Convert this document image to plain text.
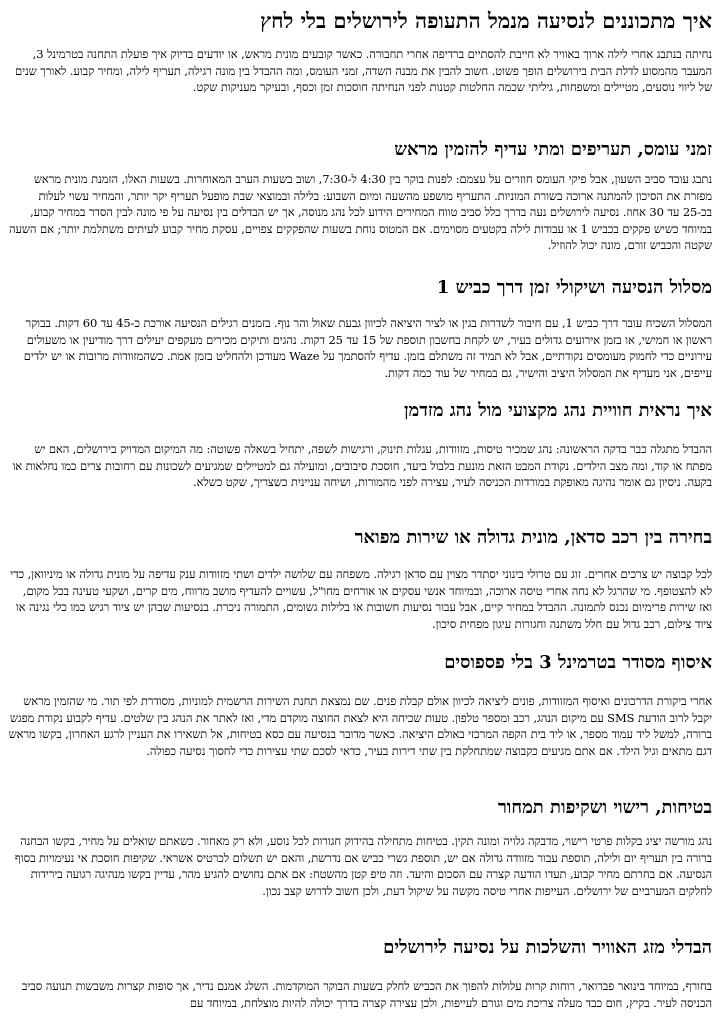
איך מתכוננים לנסיעה מנמל התעופה לירושלים בלי לחץ

נחיתה בנתבג אחרי לילה ארוך באוויר לא חייבת להסתיים ברדיפה אחרי תחבורה. כאשר קובעים מונית מראש, או יודעים בדיוק איך פועלת התחנה בטרמינל 3, המעבר מהמסוע לדלת הבית בירושלים הופך פשוט. חשוב להבין את מבנה השדה, זמני העומס, ומה ההבדל בין מונה רגילה, תעריף לילה, ומחיר קבוע. לאורך שנים של ליווי נוסעים, מטיילים ומשפחות, גיליתי שכמה החלטות קטנות לפני הנחיתה חוסכות זמן וכסף, ובעיקר מעניקות שקט.

זמני עומס, תעריפים ומתי עדיף להזמין מראש

נתבג עובד סביב השעון, אבל פיקי העומס חוזרים על עצמם: לפנות בוקר בין 4:30 ל-7:30, ושוב בשעות הערב המאוחרות. בשעות האלו, הזמנת מונית מראש מפזרת את הסיכון להמתנה ארוכה בשורת המוניות. התעריף מושפע מהשעה ומיום השבוע: בלילה ובמוצאי שבת מופעל תעריף יקר יותר, והמחיר עשוי לעלות בכ-25 עד 30 אחוז. נסיעה לירושלים נעה בדרך כלל סביב טווח המחירים הידוע לכל נהג מנוסה, אך יש הבדלים בין נסיעה על פי מונה לבין הסדר במחיר קבוע, במיוחד כשיש פקקים בכביש 1 או עבודות לילה בקטעים מסוימים. אם המטוס נוחת בשעות שהפקקים צפויים, עסקת מחיר קבוע לעיתים משתלמת יותר; אם השעה שקטה והכביש זורם, מונה יכול להוזיל.

מסלול הנסיעה ושיקולי זמן דרך כביש 1

המסלול השכיח עובר דרך כביש 1, עם חיבור לשדרות בגין או לציר היציאה לכיוון גבעת שאול והר נוף. בזמנים רגילים הנסיעה אורכת כ-45 עד 60 דקות. בבוקר ראשון או חמישי, או בזמן אירועים גדולים בעיר, יש לקחת בחשבון תוספת של 15 עד 25 דקות. נהגים ותיקים מכירים מעקפים יעילים דרך מודיעין או משעולים עירוניים כדי לחמוק מעומסים נקודתיים, אבל לא תמיד זה משתלם בזמן. עדיף להסתמך על Waze מעודכן ולהחליט בזמן אמת. כשהמזוודות מרובות או יש ילדים עייפים, אני מעדיף את המסלול היציב והישיר, גם במחיר של עוד כמה דקות.

איך נראית חוויית נהג מקצועי מול נהג מזדמן

ההבדל מתגלה כבר בדקה הראשונה: נהג שמכיר טיסות, מזוודות, עגלות תינוק, ורגישות לשפה, יתחיל בשאלה פשוטה: מה המיקום המדויק בירושלים, האם יש מפתח או קוד, ומה מצב הילדים. נקודת המבט הזאת מונעת בלבול ביעד, חוסכת סיבובים, ומועילה גם למטיילים שמגיעים לשכונות עם רחובות צרים כמו נחלאות או בקעה. ניסיון גם אומר נהיגה מאופקת במורדות הכניסה לעיר, עצירה לפני מהמורות, ושיחה עניינית כשצריך, שקט כשלא.

בחירה בין רכב סדאן, מונית גדולה או שירות מפואר

לכל קבוצה יש צרכים אחרים. זוג עם טרולי בינוני יסתדר מצוין עם סדאן רגילה. משפחה עם שלושה ילדים ושתי מזוודות ענק עדיפה על מונית גדולה או מיניוואן, כדי לא להצטופף. מי שהרגל לא נחה אחרי טיסה ארוכה, ובמיוחד אנשי עסקים או אורחים מחו"ל, עשויים להעדיף מושב מרווח, מים קרים, ושקעי טעינה בכל מקום, ואז שירות פרימיום נכנס לתמונה. ההבדל במחיר קיים, אבל עבור נסיעות חשובות או בלילות גשומים, התמורה ניכרת. בנסיעות שבהן יש ציוד רגיש כמו כלי נגינה או ציוד צילום, רכב גדול עם חלל משתנה וחגורות עיגון מפחית סיכון.

איסוף מסודר בטרמינל 3 בלי פספוסים

אחרי ביקורת הדרכונים ואיסוף המזוודות, פונים ליציאה לכיוון אולם קבלת פנים. שם נמצאת תחנת השירות הרשמית למוניות, מסודרת לפי תור. מי שהזמין מראש יקבל לרוב הודעת SMS עם מיקום הנהג, רכב ומספר טלפון. טעות שכיחה היא לצאת החוצה מוקדם מדי, ואז לאתר את הנהג בין שלטים. עדיף לקבוע נקודת מפגש ברורה, למשל ליד עמוד מספר, או ליד בית הקפה המרכזי באולם היציאה. כאשר מדובר בנסיעה עם כסא בטיחות, אל תשאירו את העניין לרגע האחרון, בקשו מראש דגם מתאים וגיל הילד. אם אתם מגיעים כקבוצה שמתחלקת בין שתי דירות בעיר, כדאי לסכם שתי עצירות כדי לחסוך נסיעה כפולה.

בטיחות, רישוי ושקיפות תמחור

נהג מורשה יציג בקלות פרטי רישוי, מדבקה גלויה ומונה תקין. בטיחות מתחילה בהידוק חגורות לכל נוסע, ולא רק מאחור. כשאתם שואלים על מחיר, בקשו הבחנה ברורה בין תעריף יום ולילה, תוספת עבור מזוודה גדולה אם יש, תוספת גשרי כביש אם נדרשת, והאם יש תשלום לכרטיס אשראי. שקיפות חוסכת אי נעימויות בסוף הנסיעה. אם בחרתם מחיר קבוע, תעדו הודעה קצרה עם הסכום והיעד. וזה טיפ קטן מהשטח: אם אתם נחושים להגיע מהר, עדיין בקשו מנהיגה רגועה בירידות לחלקים המערביים של ירושלים. העייפות אחרי טיסה מקשה על שיקול דעת, ולכן חשוב לדרוש קצב נכון.

הבדלי מזג האוויר והשלכות על נסיעה לירושלים

בחורף, במיוחד בינואר פברואר, רוחות קרות עלולות להפוך את הכביש לחלק בשעות הבוקר המוקדמות. השלג אמנם נדיר, אך סופות קצרות משבשות תנועה סביב הכניסה לעיר. בקיץ, חום כבד מעלה צריכת מים וגורם לעייפות, ולכן עצירה קצרה בדרך יכולה להיות מוצלחת, במיוחד עם
